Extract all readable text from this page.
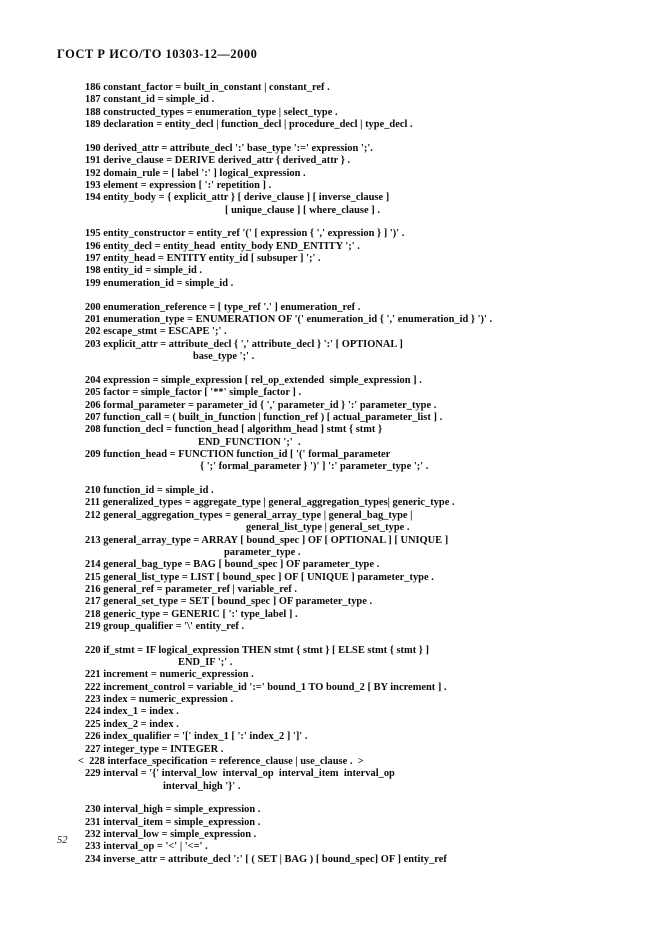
ГОСТ Р ИСО/ТО 10303-12—2000
186 constant_factor = built_in_constant | constant_ref .
187 constant_id = simple_id .
188 constructed_types = enumeration_type | select_type .
189 declaration = entity_decl | function_decl | procedure_decl | type_decl .
190 derived_attr = attribute_decl ':' base_type ':=' expression ';'.
191 derive_clause = DERIVE derived_attr { derived_attr } .
192 domain_rule = [ label ':' ] logical_expression .
193 element = expression [ ':' repetition ] .
194 entity_body = { explicit_attr } [ derive_clause ] [ inverse_clause ]
[ unique_clause ] [ where_clause ] .
195 entity_constructor = entity_ref '(' [ expression { ',' expression } ] ')' .
196 entity_decl = entity_head  entity_body END_ENTITY ';' .
197 entity_head = ENTITY entity_id [ subsuper ] ';' .
198 entity_id = simple_id .
199 enumeration_id = simple_id .
200 enumeration_reference = [ type_ref '.' ] enumeration_ref .
201 enumeration_type = ENUMERATION OF '(' enumeration_id { ',' enumeration_id } ')' .
202 escape_stmt = ESCAPE ';' .
203 explicit_attr = attribute_decl { ',' attribute_decl } ':' [ OPTIONAL ]
base_type ';' .
204 expression = simple_expression [ rel_op_extended  simple_expression ] .
205 factor = simple_factor [ '**' simple_factor ] .
206 formal_parameter = parameter_id { ',' parameter_id } ':' parameter_type .
207 function_call = ( built_in_function | function_ref ) [ actual_parameter_list ] .
208 function_decl = function_head [ algorithm_head ] stmt { stmt }
END_FUNCTION ';'  .
209 function_head = FUNCTION function_id [ '(' formal_parameter
{ ';' formal_parameter } ')' ] ':' parameter_type ';' .
210 function_id = simple_id .
211 generalized_types = aggregate_type | general_aggregation_types| generic_type .
212 general_aggregation_types = general_array_type | general_bag_type |
general_list_type | general_set_type .
213 general_array_type = ARRAY [ bound_spec ] OF [ OPTIONAL ] [ UNIQUE ]
parameter_type .
214 general_bag_type = BAG [ bound_spec ] OF parameter_type .
215 general_list_type = LIST [ bound_spec ] OF [ UNIQUE ] parameter_type .
216 general_ref = parameter_ref | variable_ref .
217 general_set_type = SET [ bound_spec ] OF parameter_type .
218 generic_type = GENERIC [ ':' type_label ] .
219 group_qualifier = '\' entity_ref .
220 if_stmt = IF logical_expression THEN stmt { stmt } [ ELSE stmt { stmt } ]
END_IF ';' .
221 increment = numeric_expression .
222 increment_control = variable_id ':=' bound_1 TO bound_2 [ BY increment ] .
223 index = numeric_expression .
224 index_1 = index .
225 index_2 = index .
226 index_qualifier = '[' index_1 [ ':' index_2 ] ']' .
227 integer_type = INTEGER .
<  228 interface_specification = reference_clause | use_clause .  >
229 interval = '{' interval_low  interval_op  interval_item  interval_op
interval_high '}' .
230 interval_high = simple_expression .
231 interval_item = simple_expression .
232 interval_low = simple_expression .
233 interval_op = '<' | '<=' .
234 inverse_attr = attribute_decl ':' [ ( SET | BAG ) [ bound_spec] OF ] entity_ref
52
